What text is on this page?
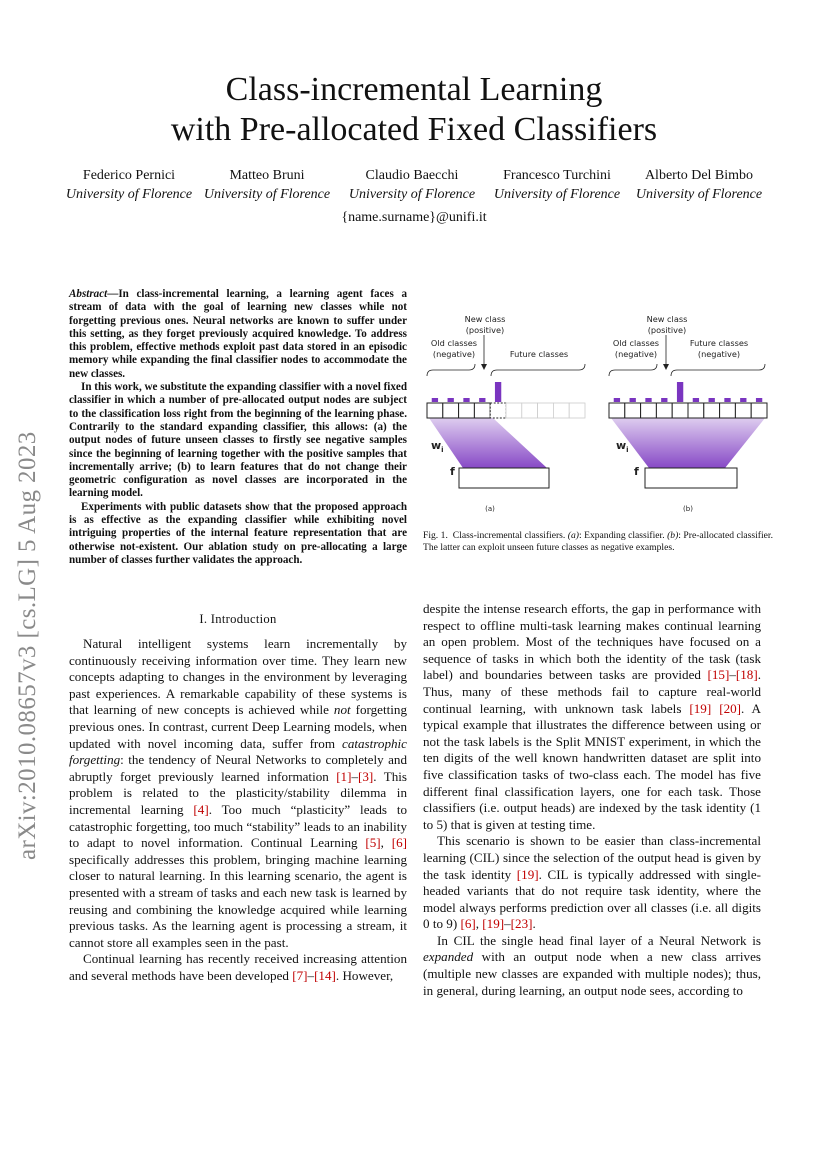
arXiv:2010.08657v3 [cs.LG] 5 Aug 2023
Class-incremental Learning
with Pre-allocated Fixed Classifiers
Federico Pernici
University of Florence
Matteo Bruni
University of Florence
Claudio Baecchi
University of Florence
Francesco Turchini
University of Florence
Alberto Del Bimbo
University of Florence
{name.surname}@unifi.it

Abstract—In class-incremental learning, a learning agent faces a stream of data with the goal of learning new classes while not forgetting previous ones. Neural networks are known to suffer under this setting, as they forget previously acquired knowledge. To address this problem, effective methods exploit past data stored in an episodic memory while expanding the final classifier nodes to accommodate the new classes.

In this work, we substitute the expanding classifier with a novel fixed classifier in which a number of pre-allocated output nodes are subject to the classification loss right from the beginning of the learning phase. Contrarily to the standard expanding classifier, this allows: (a) the output nodes of future unseen classes to firstly see negative samples since the beginning of learning together with the positive samples that incrementally arrive; (b) to learn features that do not change their geometric configuration as novel classes are incorporated in the learning model.

Experiments with public datasets show that the proposed approach is as effective as the expanding classifier while exhibiting novel intriguing properties of the internal feature representation that are otherwise not-existent. Our ablation study on pre-allocating a large number of classes further validates the approach.

New class
(positive)
Old classes
(negative)	Future classes
New class
(positive)
Old classes
(negative)
Future classes
(negative)
(a)	(b)
$w_i$
f
$w_i$
f
Fig. 1. Class-incremental classifiers. (a): Expanding classifier. (b): Pre-allocated classifier. The latter can exploit unseen future classes as negative examples.
I. Introduction

Natural intelligent systems learn incrementally by continuously receiving information over time. They learn new concepts adapting to changes in the environment by leveraging past experiences. A remarkable capability of these systems is that learning of new concepts is achieved while not forgetting previous ones. In contrast, current Deep Learning models, when updated with novel incoming data, suffer from catastrophic forgetting: the tendency of Neural Networks to completely and abruptly forget previously learned information [1]–[3]. This problem is related to the plasticity/stability dilemma in incremental learning [4]. Too much “plasticity” leads to catastrophic forgetting, too much “stability” leads to an inability to adapt to novel information. Continual Learning [5], [6] specifically addresses this problem, bringing machine learning closer to natural learning. In this learning scenario, the agent is presented with a stream of tasks and each new task is learned by reusing and combining the knowledge acquired while learning previous tasks. As the learning agent is processing a stream, it cannot store all examples seen in the past.

Continual learning has recently received increasing attention and several methods have been developed [7]–[14]. However,

despite the intense research efforts, the gap in performance with respect to offline multi-task learning makes continual learning an open problem. Most of the techniques have focused on a sequence of tasks in which both the identity of the task (task label) and boundaries between tasks are provided [15]–[18]. Thus, many of these methods fail to capture real-world continual learning, with unknown task labels [19] [20]. A typical example that illustrates the difference between using or not the task labels is the Split MNIST experiment, in which the ten digits of the well known handwritten dataset are split into five classification tasks of two-class each. The model has five different final classification layers, one for each task. Those classifiers (i.e. output heads) are indexed by the task identity (1 to 5) that is given at testing time.

This scenario is shown to be easier than class-incremental learning (CIL) since the selection of the output head is given by the task identity [19]. CIL is typically addressed with single-headed variants that do not require task identity, where the model always performs prediction over all classes (i.e. all digits 0 to 9) [6], [19]–[23].

In CIL the single head final layer of a Neural Network is expanded with an output node when a new class arrives (multiple new classes are expanded with multiple nodes); thus, in general, during learning, an output node sees, according to
